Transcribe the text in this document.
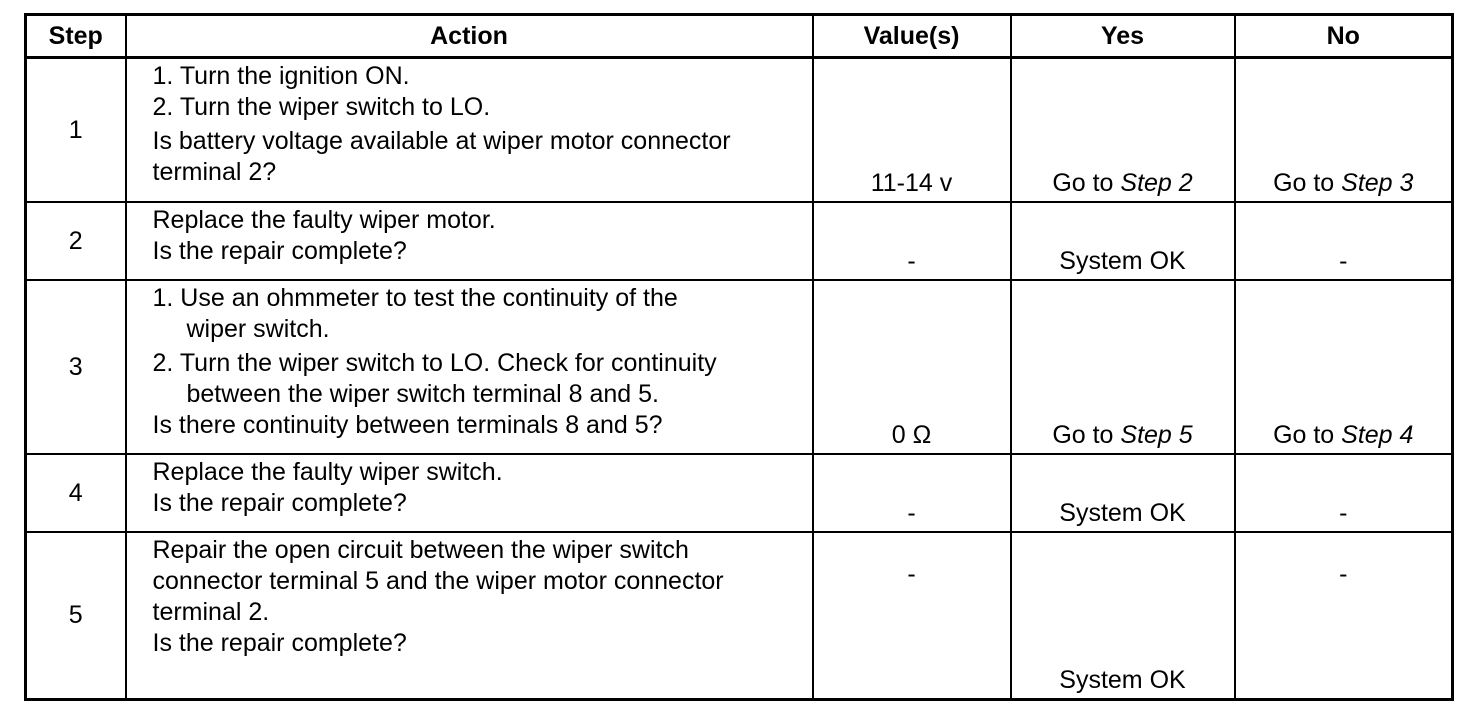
Step	Action	Value(s)	Yes	No
1	1. Turn the ignition ON.
2. Turn the wiper switch to LO.
Is battery voltage available at wiper motor connector
terminal 2?	11-14 v	Go to Step 2	Go to Step 3
2	Replace the faulty wiper motor.
Is the repair complete?	-	System OK	-
3	1. Use an ohmmeter to test the continuity of the
wiper switch.
2. Turn the wiper switch to LO. Check for continuity
between the wiper switch terminal 8 and 5.
Is there continuity between terminals 8 and 5?	0 Ω	Go to Step 5	Go to Step 4
4	Replace the faulty wiper switch.
Is the repair complete?	-	System OK	-
5	Repair the open circuit between the wiper switch
connector terminal 5 and the wiper motor connector
terminal 2.
Is the repair complete?	-	System OK	-
